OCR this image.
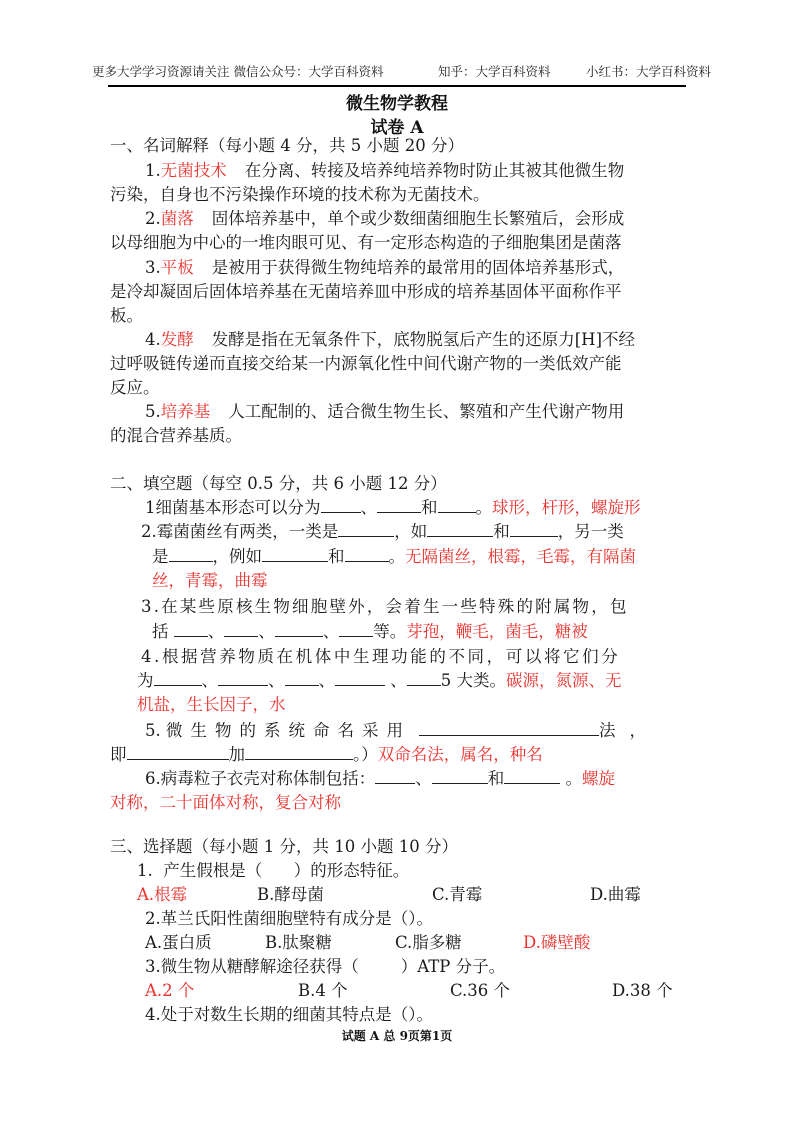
更多大学学习资源请关注 微信公众号：大学百科资料	知乎：大学百科资料	小红书：大学百科资料
微生物学教程
试卷 A
一、名词解释（每小题 4 分，共 5 小题 20 分）
1.无菌技术 在分离、转接及培养纯培养物时防止其被其他微生物
污染，自身也不污染操作环境的技术称为无菌技术。
2.菌落 固体培养基中，单个或少数细菌细胞生长繁殖后，会形成
以母细胞为中心的一堆肉眼可见、有一定形态构造的子细胞集团是菌落
3.平板 是被用于获得微生物纯培养的最常用的固体培养基形式，
是冷却凝固后固体培养基在无菌培养皿中形成的培养基固体平面称作平
板。
4.发酵 发酵是指在无氧条件下，底物脱氢后产生的还原力[H]不经
过呼吸链传递而直接交给某一内源氧化性中间代谢产物的一类低效产能
反应。
5.培养基 人工配制的、适合微生物生长、繁殖和产生代谢产物用
的混合营养基质。
二、填空题（每空 0.5 分，共 6 小题 12 分）
1细菌基本形态可以分为 、	和 。球形，杆形，螺旋形
2.霉菌菌丝有两类，一类是	，如	和	，另一类
是	，例如	和	。无隔菌丝，根霉，毛霉，有隔菌
丝，青霉，曲霉
3.在某些原核生物细胞壁外，会着生一些特殊的附属物，包
括 、 、	、 等。芽孢，鞭毛，菌毛，糖被
4.根据营养物质在机体中生理功能的不同，可以将它们分
为	、	、 、	、 5 大类。碳源，氮源、无
机盐，生长因子，水
5. 微生物的系统命名采用	法，
即	加	。）双命名法，属名，种名
6.病毒粒子衣壳对称体制包括： 、	和	。螺旋
对称，二十面体对称，复合对称
三、选择题（每小题 1 分，共 10 小题 10 分）
1.  产生假根是（      ）的形态特征。
A.根霉	B.酵母菌	C.青霉	D.曲霉
2.革兰氏阳性菌细胞壁特有成分是（）。
A.蛋白质	B.肽聚糖	C.脂多糖	D.磷壁酸
3.微生物从糖酵解途径获得（        ）ATP 分子。
A.2 个	B.4 个	C.36 个	D.38 个
4.处于对数生长期的细菌其特点是（）。
试题 A 总 9页第1页
